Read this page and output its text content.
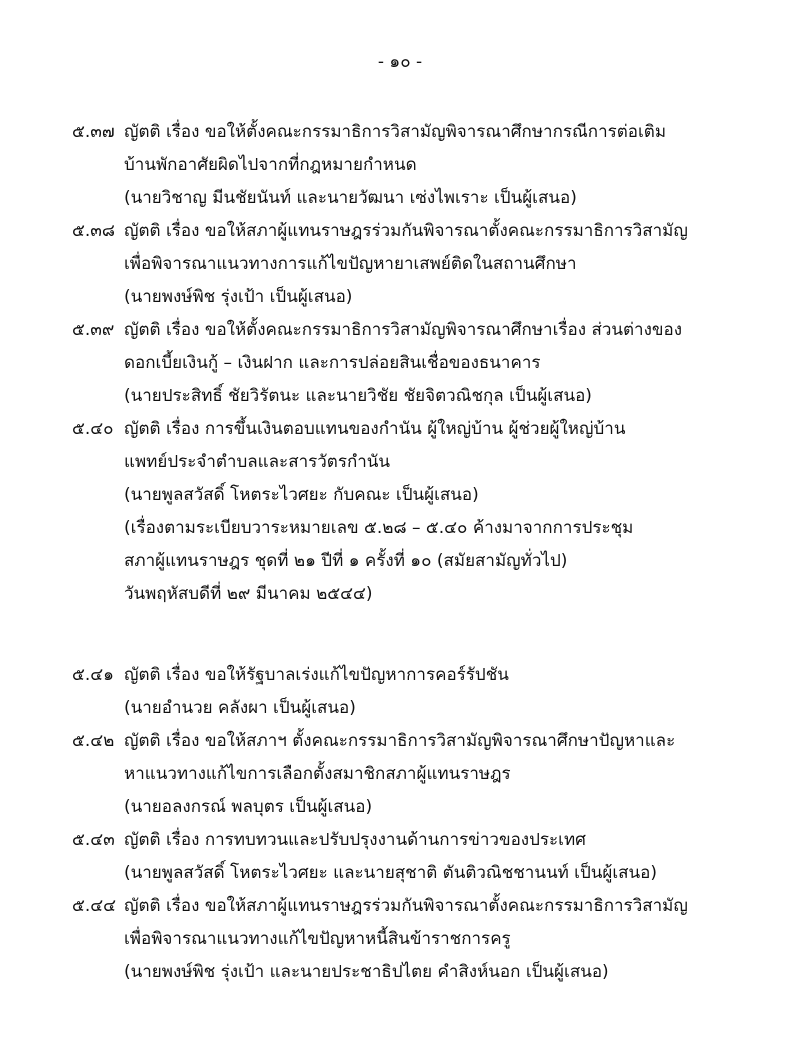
- ๑๐ -
๕.๓๗ ญัตติ เรื่อง ขอให้ตั้งคณะกรรมาธิการวิสามัญพิจารณาศึกษากรณีการต่อเติม
บ้านพักอาศัยผิดไปจากที่กฎหมายกำหนด
(นายวิชาญ มีนชัยนันท์ และนายวัฒนา เซ่งไพเราะ เป็นผู้เสนอ)
๕.๓๘ ญัตติ เรื่อง ขอให้สภาผู้แทนราษฎรร่วมกันพิจารณาตั้งคณะกรรมาธิการวิสามัญ
เพื่อพิจารณาแนวทางการแก้ไขปัญหายาเสพย์ติดในสถานศึกษา
(นายพงษ์พิช รุ่งเป้า เป็นผู้เสนอ)
๕.๓๙ ญัตติ เรื่อง ขอให้ตั้งคณะกรรมาธิการวิสามัญพิจารณาศึกษาเรื่อง ส่วนต่างของ
ดอกเบี้ยเงินกู้ – เงินฝาก และการปล่อยสินเชื่อของธนาคาร
(นายประสิทธิ์ ชัยวิรัตนะ และนายวิชัย ชัยจิตวณิชกุล เป็นผู้เสนอ)
๕.๔๐ ญัตติ เรื่อง การขึ้นเงินตอบแทนของกำนัน ผู้ใหญ่บ้าน ผู้ช่วยผู้ใหญ่บ้าน
แพทย์ประจำตำบลและสารวัตรกำนัน
(นายพูลสวัสดิ์ โหตระไวศยะ กับคณะ เป็นผู้เสนอ)
(เรื่องตามระเบียบวาระหมายเลข ๕.๒๘ – ๕.๔๐ ค้างมาจากการประชุม
สภาผู้แทนราษฎร ชุดที่ ๒๑ ปีที่ ๑ ครั้งที่ ๑๐ (สมัยสามัญทั่วไป)
วันพฤหัสบดีที่ ๒๙ มีนาคม ๒๕๔๔)
๕.๔๑ ญัตติ เรื่อง ขอให้รัฐบาลเร่งแก้ไขปัญหาการคอร์รัปชัน
(นายอำนวย คลังผา เป็นผู้เสนอ)
๕.๔๒ ญัตติ เรื่อง ขอให้สภาฯ ตั้งคณะกรรมาธิการวิสามัญพิจารณาศึกษาปัญหาและ
หาแนวทางแก้ไขการเลือกตั้งสมาชิกสภาผู้แทนราษฎร
(นายอลงกรณ์ พลบุตร เป็นผู้เสนอ)
๕.๔๓ ญัตติ เรื่อง การทบทวนและปรับปรุงงานด้านการข่าวของประเทศ
(นายพูลสวัสดิ์ โหตระไวศยะ และนายสุชาติ ตันติวณิชชานนท์ เป็นผู้เสนอ)
๕.๔๔ ญัตติ เรื่อง ขอให้สภาผู้แทนราษฎรร่วมกันพิจารณาตั้งคณะกรรมาธิการวิสามัญ
เพื่อพิจารณาแนวทางแก้ไขปัญหาหนี้สินข้าราชการครู
(นายพงษ์พิช รุ่งเป้า และนายประชาธิปไตย คำสิงห์นอก เป็นผู้เสนอ)
